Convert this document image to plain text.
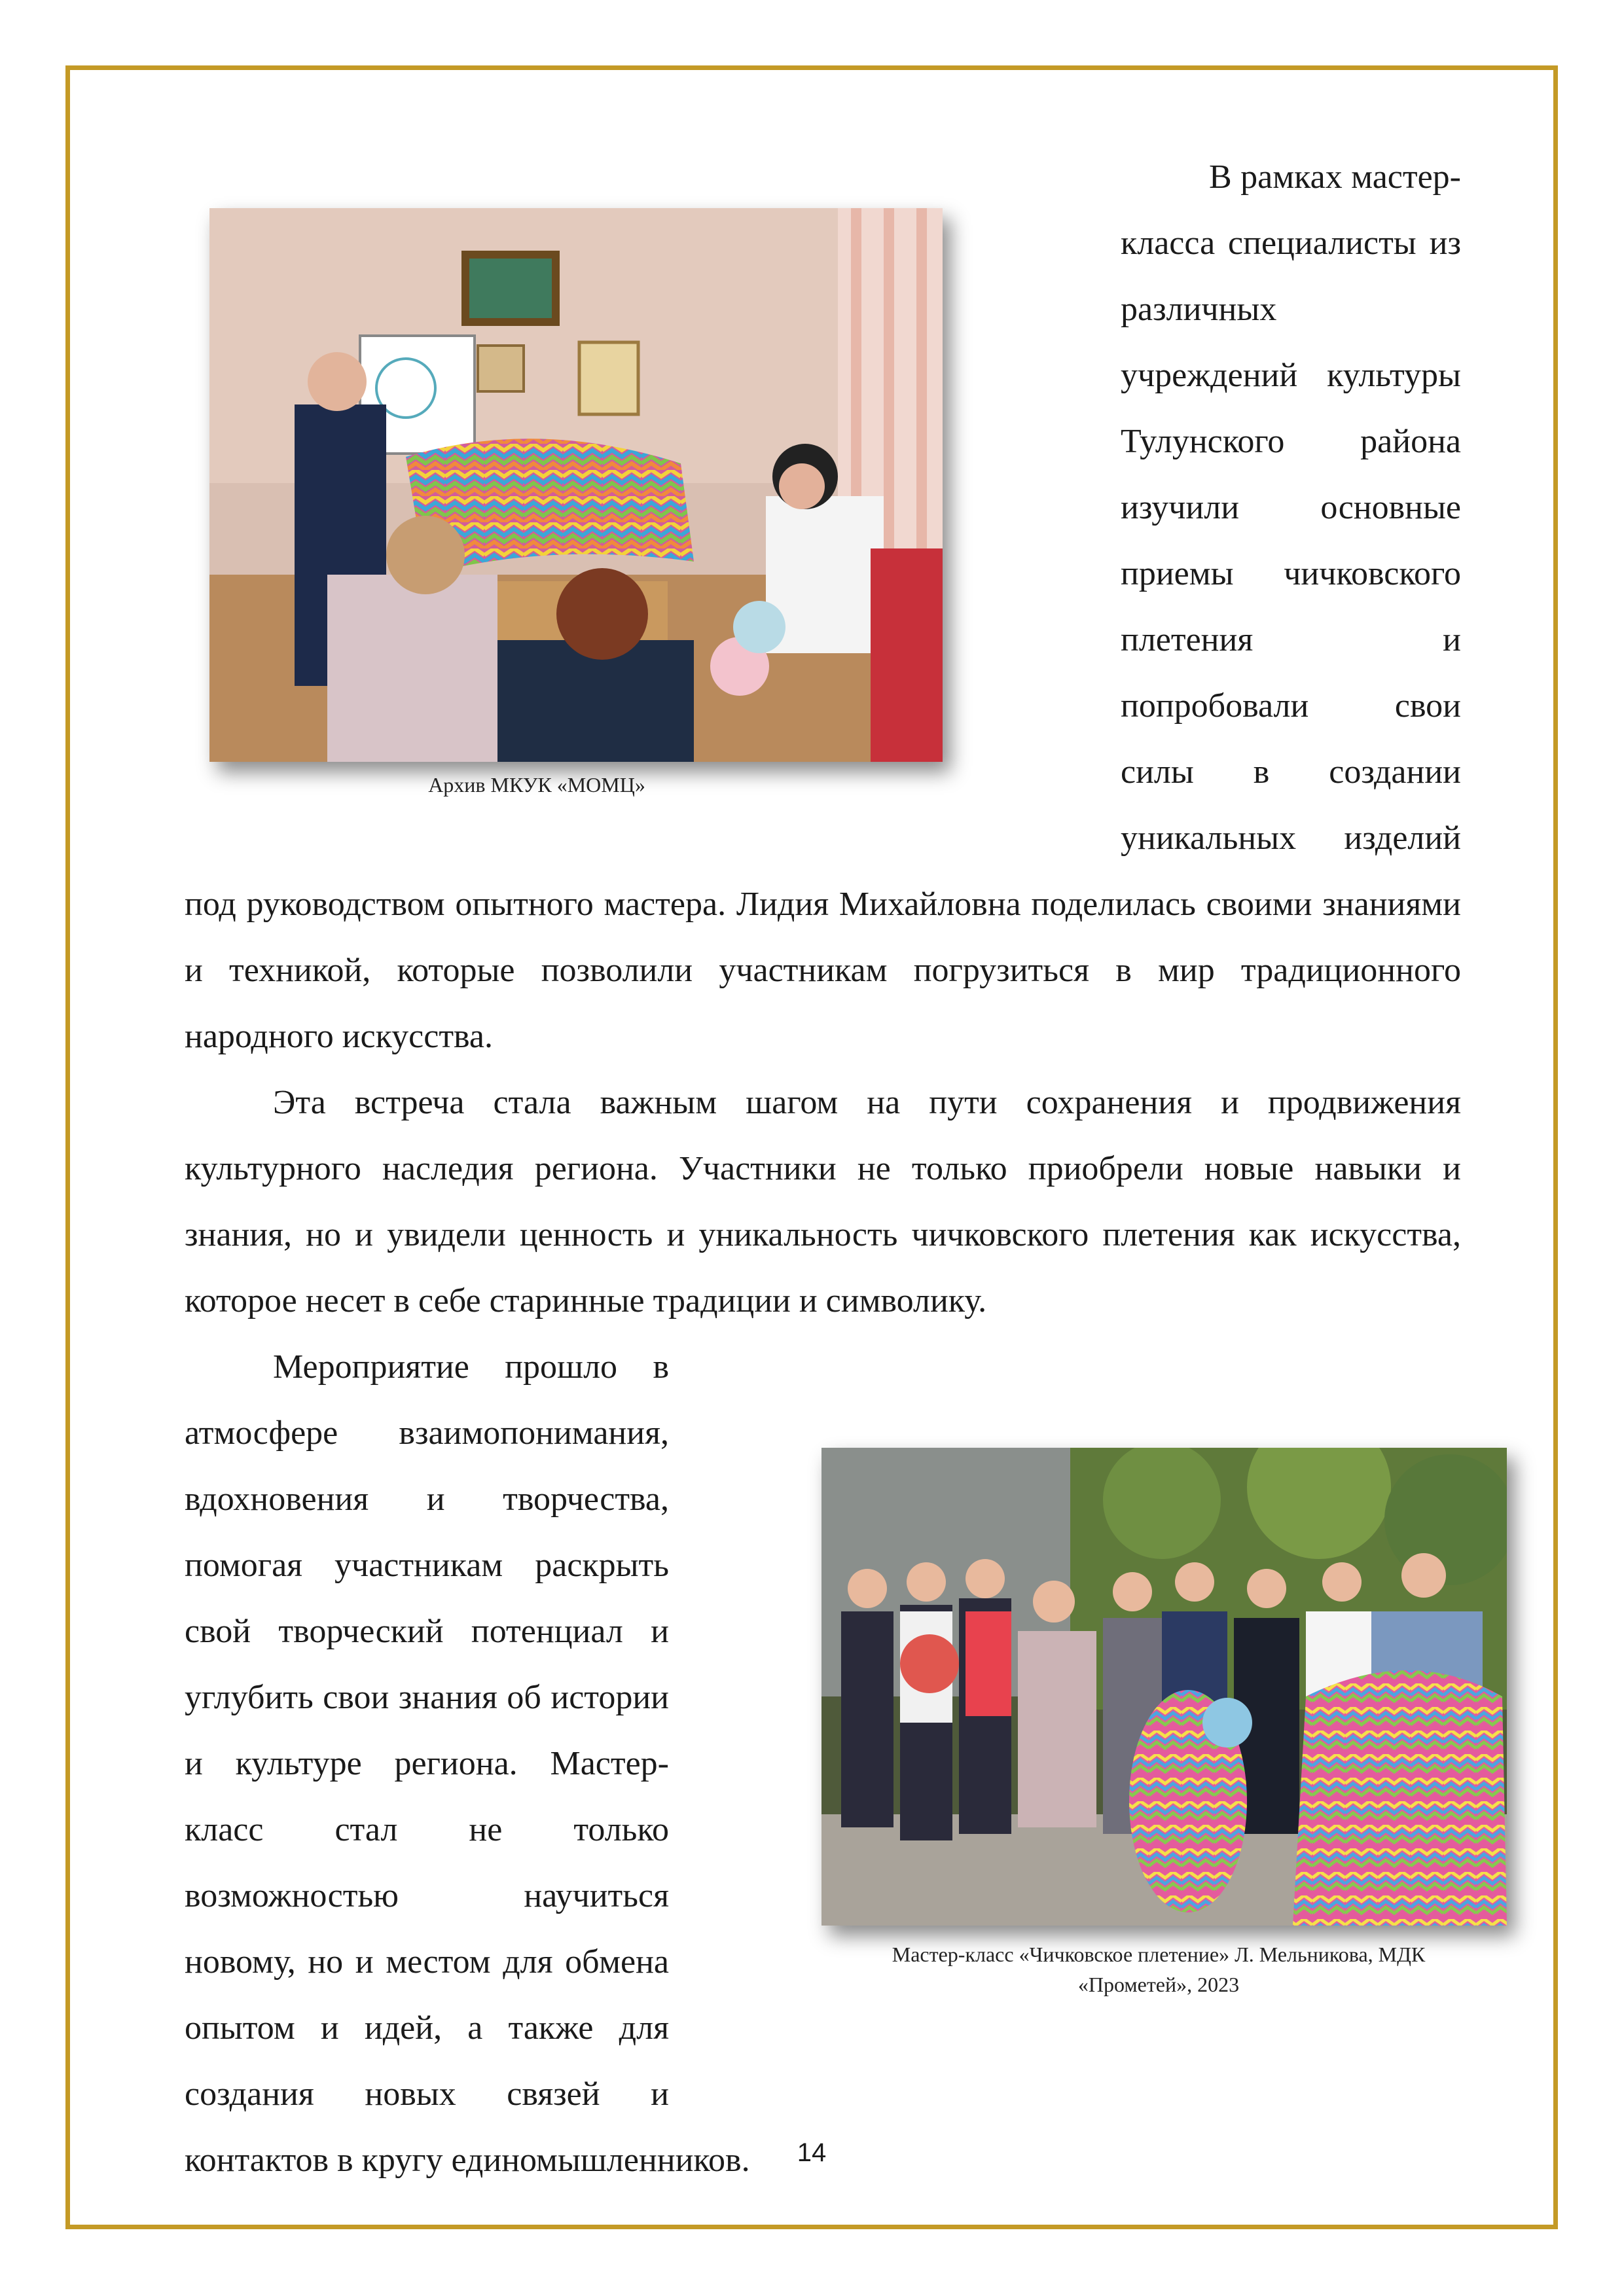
В рамках мастер-класса специалисты из различных учреждений культуры Тулунского района изучили основные приемы чичковского плетения и попробовали свои силы в создании уникальных изделий под руководством опытного мастера. Лидия Михайловна поделилась своими знаниями и техникой, которые позволили участникам погрузиться в мир традиционного народного искусства.

Эта встреча стала важным шагом на пути сохранения и продвижения культурного наследия региона. Участники не только приобрели новые навыки и знания, но и увидели ценность и уникальность чичковского плетения как искусства, которое несет в себе старинные традиции и символику.

Мероприятие прошло в атмосфере взаимопонимания, вдохновения и творчества, помогая участникам раскрыть свой творческий потенциал и углубить свои знания об истории и культуре региона. Мастер-класс стал не только возможностью научиться новому, но и местом для обмена опытом и идей, а также для создания новых связей и контактов в кругу единомышленников.

Архив МКУК «МОМЦ»
Мастер-класс «Чичковское плетение» Л. Мельникова, МДК «Прометей», 2023
14
